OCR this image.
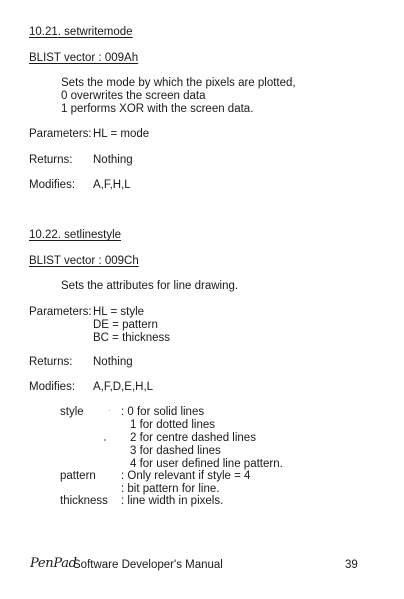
10.21. setwritemode
BLIST vector : 009Ah
Sets the mode by which the pixels are plotted,
0 overwrites the screen data
1 performs XOR with the screen data.
Parameters: HL = mode
Returns: Nothing
Modifies: A,F,H,L
10.22. setlinestyle
BLIST vector : 009Ch
Sets the attributes for line drawing.
Parameters: HL = style
DE = pattern
BC = thickness
Returns: Nothing
Modifies: A,F,D,E,H,L
style	: 0 for solid lines
1 for dotted lines
2 for centre dashed lines
3 for dashed lines
4 for user defined line pattern.
pattern : Only relevant if style = 4
: bit pattern for line.
thickness : line width in pixels.
PenPad
Software Developer's Manual	39
